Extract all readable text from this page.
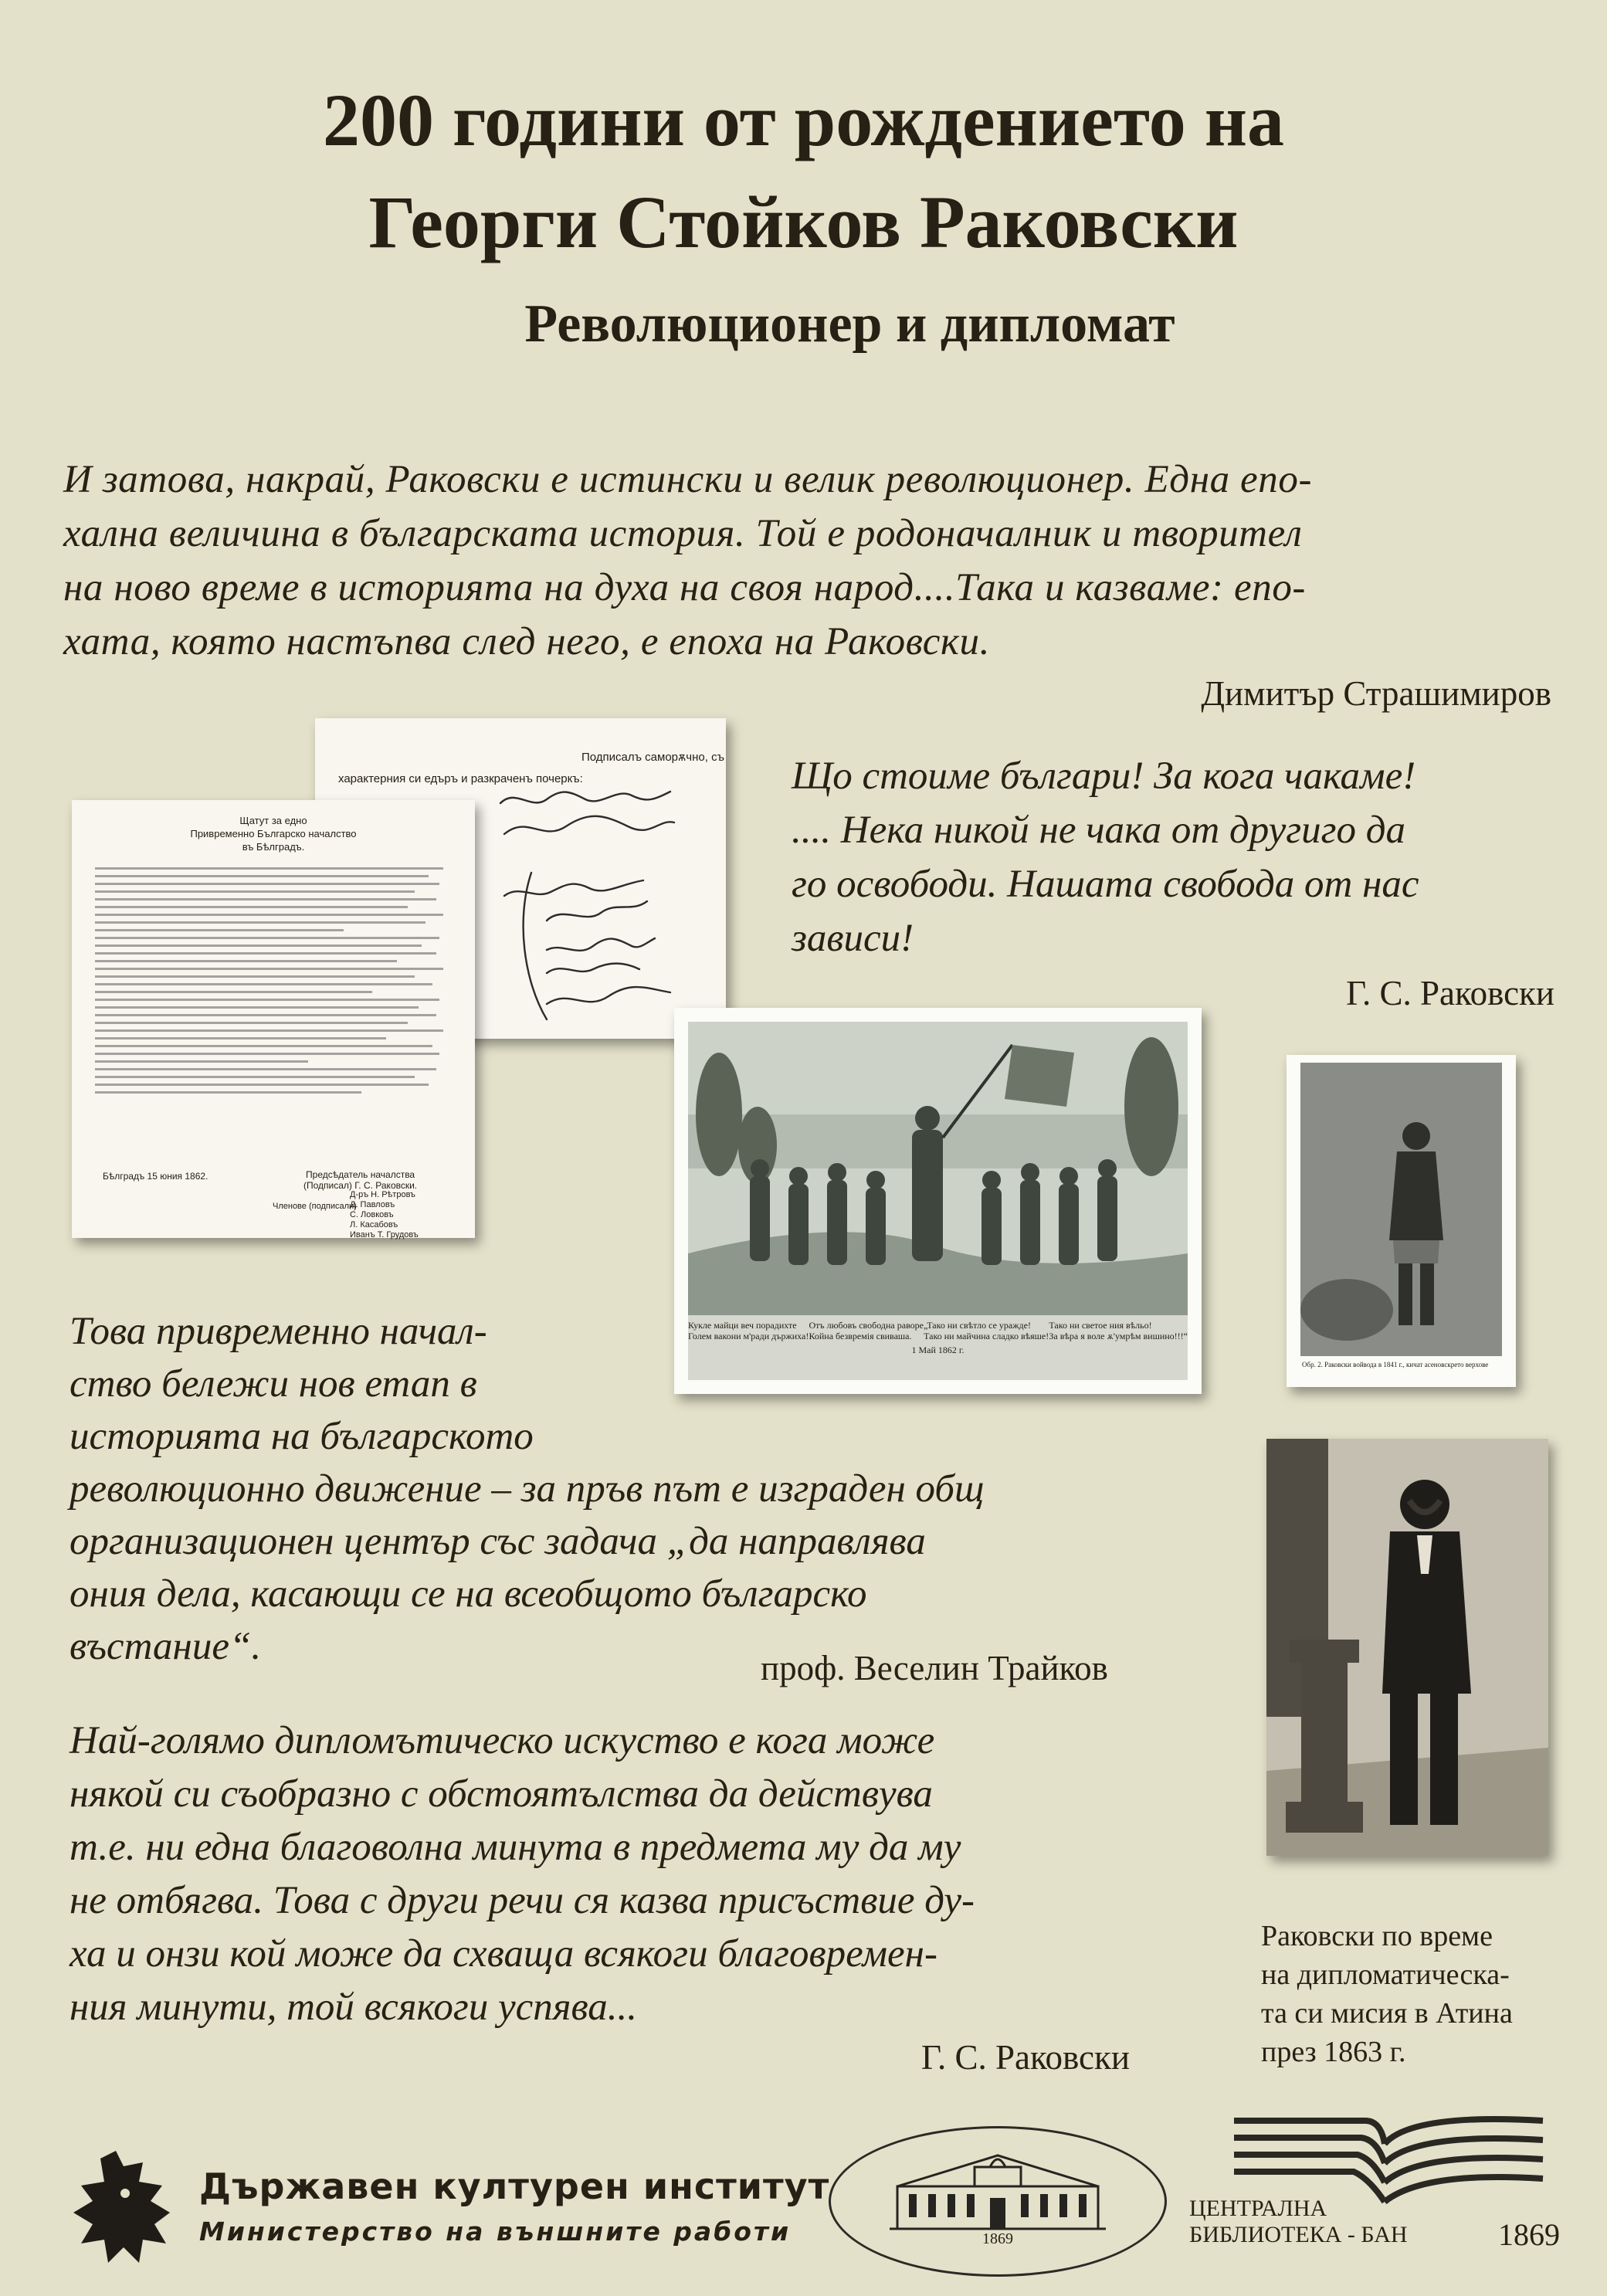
200 години от рождението на
Георги Стойков Раковски
Революционер и дипломат
И затова, накрай, Раковски е истински и велик революционер. Една епо-
хална величина в българската история. Той е родоначалник и творител
на ново време в историята на духа на своя народ....Така и казваме: епо-
хата, която настъпва след него, е епоха на Раковски.
Димитър Страшимиров
Подписалъ саморѫчно, съ
характерния си едъръ и разкраченъ почеркъ:
Щатут за едно
Привременно Българско началство
въ Бѣлградъ.
Бѣлградъ 15 юния 1862.	Предсѣдатель началства
(Подписал) Г. С. Раковски.
Членове (подписали)
Д-ръ Н. Рѣтровъ
Д. Павловъ
С. Ловковъ
Л. Касабовъ
Иванъ Т. Грудовъ
Що стоиме българи! За кога чакаме!
.... Нека никой не чака от другиго да
го освободи. Нашата свобода от нас
зависи!
Г. С. Раковски
Кукле майци веч порадихте
Голем вакони м'ради държиха!
Отъ любовъ свободна раворе
Койна безвремія свиваша.
„Тако ни свѣтло се уражде!
Тако ни майчина сладко вѣяше!
Тако ни светое ния вѣльо!
За вѣра я воле ѫ'умрѣм вишино!!!“
1 Май 1862 г.
Обр. 2. Раковски войвода в 1841 г., кичат асеновскрето верхове
Това привременно начал-
ство бележи нов етап в
историята на българското
революционно движение – за пръв път е изграден общ
организационен център със задача „да направлява
ония дела, касающи се на всеобщото българско
въстание“.	проф. Веселин Трайков
Най-голямо дипломътическо искуство е кога може
някой си съобразно с обстоятълства да действува
т.е. ни една благоволна минута в предмета му да му
не отбягва. Това с други речи ся казва присъствие ду-
ха и онзи кой може да схваща всякоги благовремен-
ния минути, той всякоги успява...
Г. С. Раковски
Раковски по време
на дипломатическа-
та си мисия в Атина
през 1863 г.
Държавен културен институт
Министерство на външните работи	1869
ЦЕНТРАЛНА
БИБЛИОТЕКА - БАН	1869
